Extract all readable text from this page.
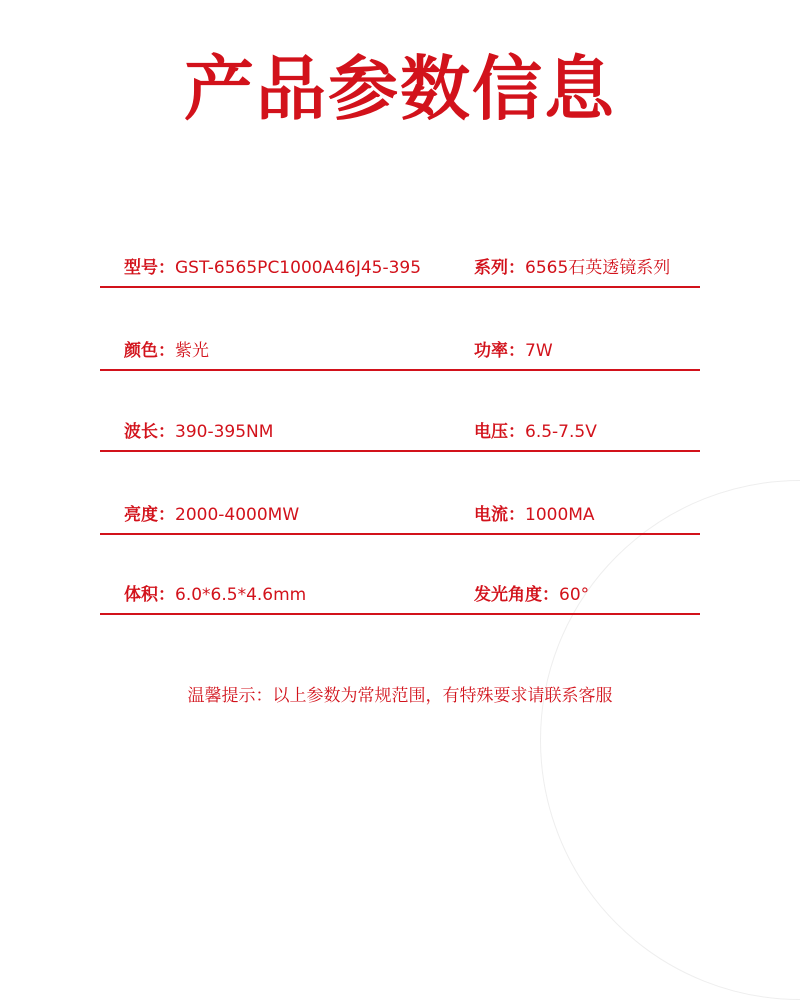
产品参数信息
型号：GST-6565PC1000A46J45-395	系列：6565石英透镜系列
颜色：紫光	功率：7W
波长：390-395NM	电压：6.5-7.5V
亮度：2000-4000MW	电流：1000MA
体积：6.0*6.5*4.6mm	发光角度：60°
温馨提示：以上参数为常规范围，有特殊要求请联系客服
